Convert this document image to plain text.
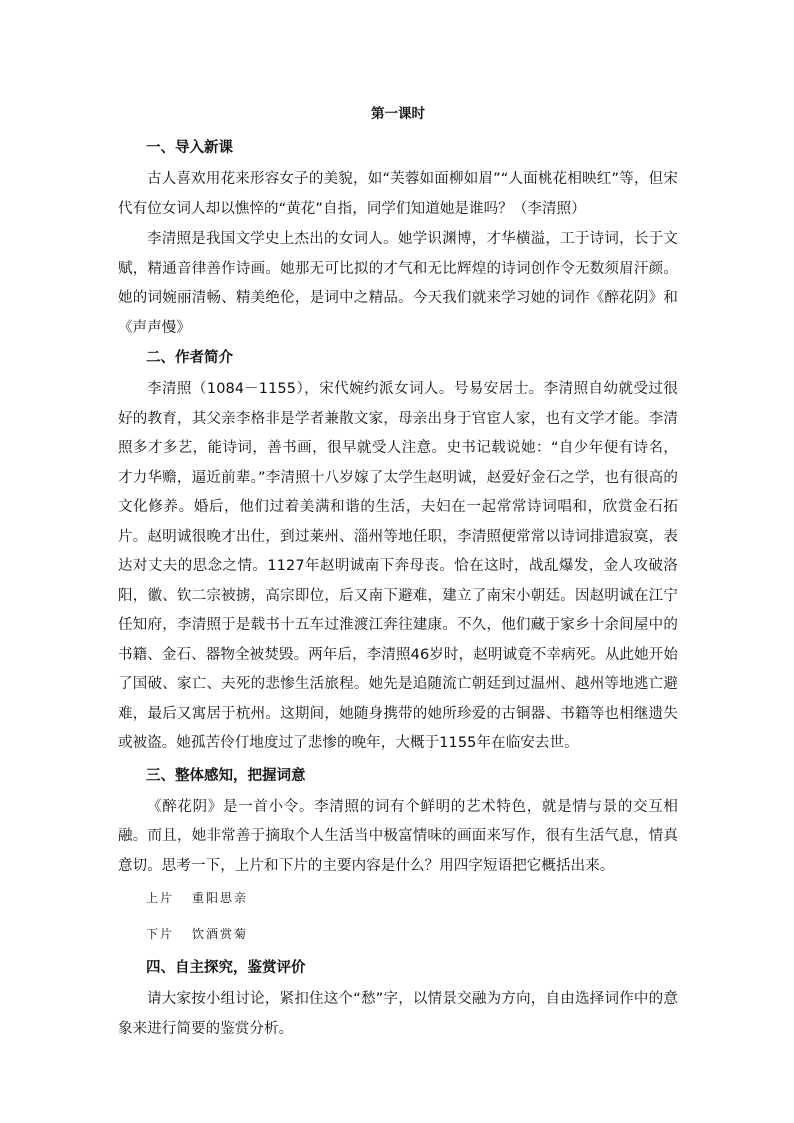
第一课时
一、导入新课
古人喜欢用花来形容女子的美貌，如“芙蓉如面柳如眉”“人面桃花相映红”等，但宋代有位女词人却以憔悴的“黄花”自指，同学们知道她是谁吗？（李清照）
李清照是我国文学史上杰出的女词人。她学识渊博，才华横溢，工于诗词，长于文赋，精通音律善作诗画。她那无可比拟的才气和无比辉煌的诗词创作令无数须眉汗颜。她的词婉丽清畅、精美绝伦，是词中之精品。今天我们就来学习她的词作《醉花阴》和《声声慢》
二、作者简介
李清照（1084－1155），宋代婉约派女词人。号易安居士。李清照自幼就受过很好的教育，其父亲李格非是学者兼散文家，母亲出身于官宦人家，也有文学才能。李清照多才多艺，能诗词，善书画，很早就受人注意。史书记载说她：“自少年便有诗名，才力华赡，逼近前辈。”李清照十八岁嫁了太学生赵明诚，赵爱好金石之学，也有很高的文化修养。婚后，他们过着美满和谐的生活，夫妇在一起常常诗词唱和，欣赏金石拓片。赵明诚很晚才出仕，到过莱州、淄州等地任职，李清照便常常以诗词排遣寂寞，表达对丈夫的思念之情。1127年赵明诚南下奔母丧。恰在这时，战乱爆发，金人攻破洛阳，徽、钦二宗被掳，高宗即位，后又南下避难，建立了南宋小朝廷。因赵明诚在江宁任知府，李清照于是载书十五车过淮渡江奔往建康。不久，他们藏于家乡十余间屋中的书籍、金石、器物全被焚毁。两年后，李清照46岁时，赵明诚竟不幸病死。从此她开始了国破、家亡、夫死的悲惨生活旅程。她先是追随流亡朝廷到过温州、越州等地逃亡避难，最后又寓居于杭州。这期间，她随身携带的她所珍爱的古铜器、书籍等也相继遗失或被盗。她孤苦伶仃地度过了悲惨的晚年，大概于1155年在临安去世。
三、整体感知，把握词意
《醉花阴》是一首小令。李清照的词有个鲜明的艺术特色，就是情与景的交互相融。而且，她非常善于摘取个人生活当中极富情味的画面来写作，很有生活气息，情真意切。思考一下，上片和下片的主要内容是什么？用四字短语把它概括出来。
上片 重阳思亲
下片 饮酒赏菊
四、自主探究，鉴赏评价
请大家按小组讨论，紧扣住这个“愁”字，以情景交融为方向，自由选择词作中的意象来进行简要的鉴赏分析。
